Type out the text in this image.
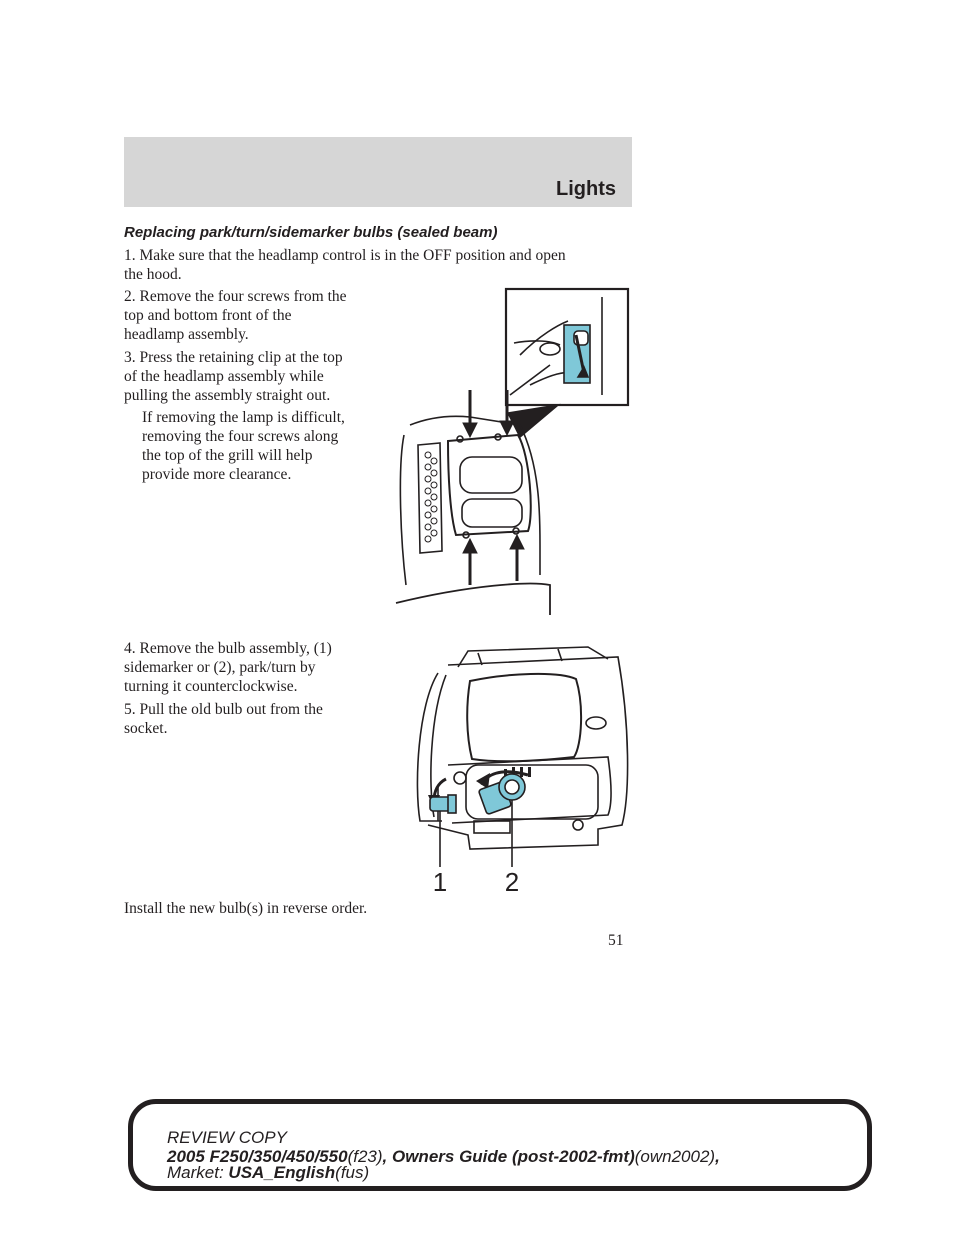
Lights
Replacing park/turn/sidemarker bulbs (sealed beam)

1. Make sure that the headlamp control is in the OFF position and open

the hood.

2. Remove the four screws from the

top and bottom front of the

headlamp assembly.

3. Press the retaining clip at the top

of the headlamp assembly while

pulling the assembly straight out.

If removing the lamp is difficult,

removing the four screws along

the top of the grill will help

provide more clearance.

4. Remove the bulb assembly, (1)

sidemarker or (2), park/turn by

turning it counterclockwise.

5. Pull the old bulb out from the

socket.

Install the new bulb(s) in reverse order.

1 2
51
REVIEW COPY
2005 F250/350/450/550(f23), Owners Guide (post-2002-fmt)(own2002),
Market: USA_English(fus)
